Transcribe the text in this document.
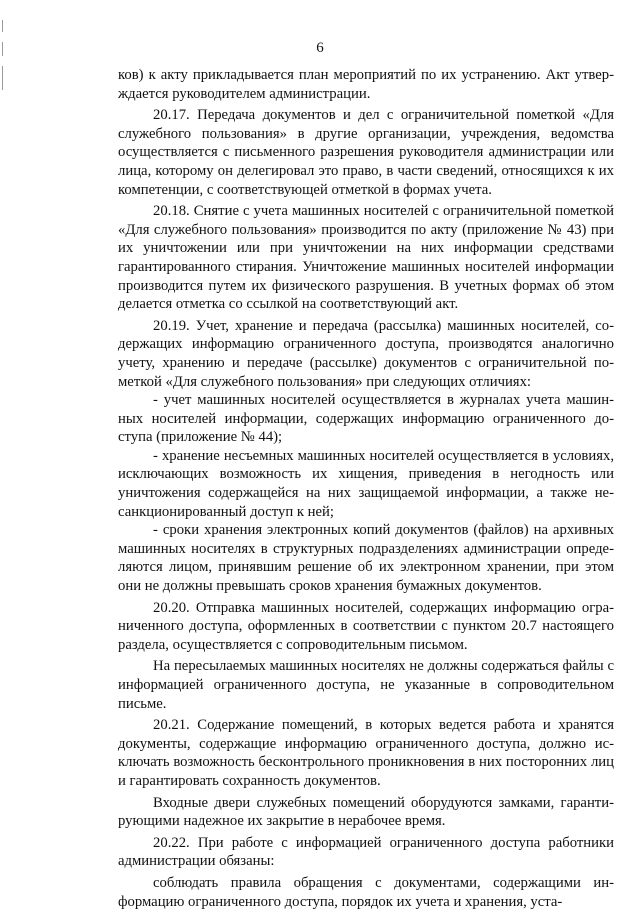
6

ков) к акту прикладывается план мероприятий по их устранению. Акт утверждается руководителем администрации.

20.17. Передача документов и дел с ограничительной пометкой «Для служебного пользования» в другие организации, учреждения, ведомства осуществляется с письменного разрешения руководителя администрации или лица, которому он делегировал это право, в части сведений, относящихся к их компетенции, с соответствующей отметкой в формах учета.

20.18. Снятие с учета машинных носителей с ограничительной пометкой «Для служебного пользования» производится по акту (приложение № 43) при их уничтожении или при уничтожении на них информации средствами гарантированного стирания. Уничтожение машинных носителей информации производится путем их физического разрушения. В учетных формах об этом делается отметка со ссылкой на соответствующий акт.

20.19. Учет, хранение и передача (рассылка) машинных носителей, содержащих информацию ограниченного доступа, производятся аналогично учету, хранению и передаче (рассылке) документов с ограничительной пометкой «Для служебного пользования» при следующих отличиях:

- учет машинных носителей осуществляется в журналах учета машинных носителей информации, содержащих информацию ограниченного доступа (приложение № 44);

- хранение несъемных машинных носителей осуществляется в условиях, исключающих возможность их хищения, приведения в негодность или уничтожения содержащейся на них защищаемой информации, а также несанкционированный доступ к ней;

- сроки хранения электронных копий документов (файлов) на архивных машинных носителях в структурных подразделениях администрации определяются лицом, принявшим решение об их электронном хранении, при этом они не должны превышать сроков хранения бумажных документов.

20.20. Отправка машинных носителей, содержащих информацию ограниченного доступа, оформленных в соответствии с пунктом 20.7 настоящего раздела, осуществляется с сопроводительным письмом.

На пересылаемых машинных носителях не должны содержаться файлы с информацией ограниченного доступа, не указанные в сопроводительном письме.

20.21. Содержание помещений, в которых ведется работа и хранятся документы, содержащие информацию ограниченного доступа, должно исключать возможность бесконтрольного проникновения в них посторонних лиц и гарантировать сохранность документов.

Входные двери служебных помещений оборудуются замками, гарантирующими надежное их закрытие в нерабочее время.

20.22. При работе с информацией ограниченного доступа работники администрации обязаны:

соблюдать правила обращения с документами, содержащими информацию ограниченного доступа, порядок их учета и хранения, уста-
